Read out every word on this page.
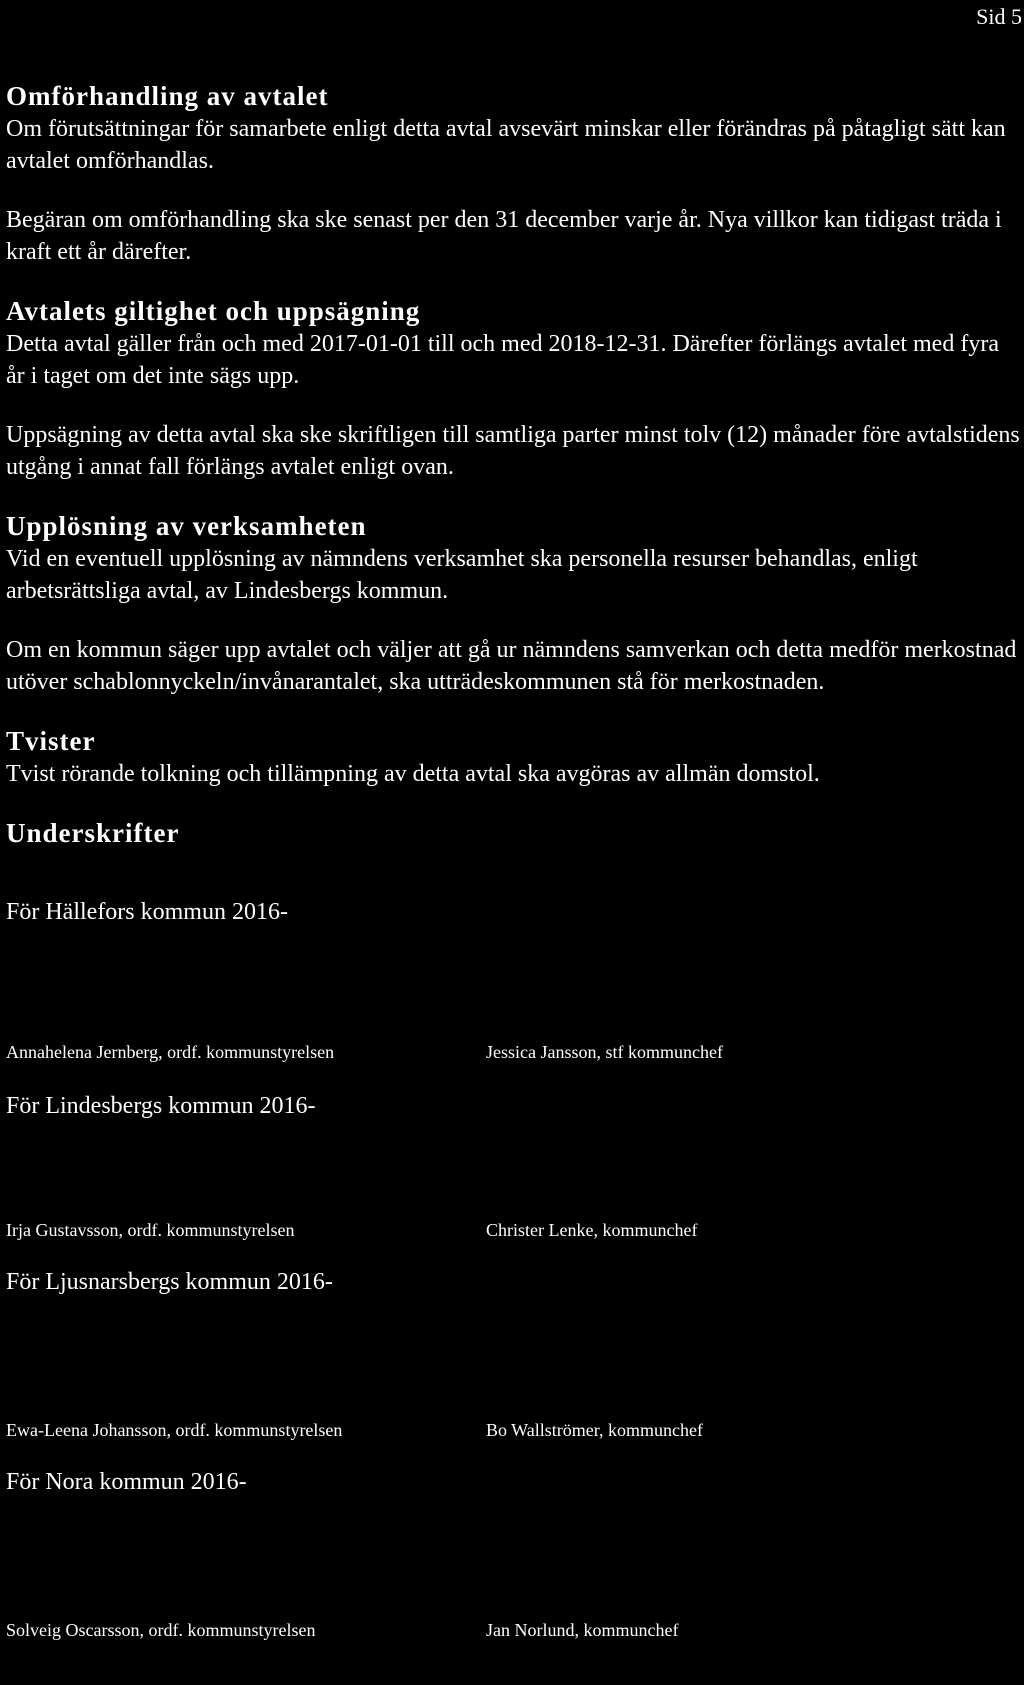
Sid 5
Omförhandling av avtalet

Om förutsättningar för samarbete enligt detta avtal avsevärt minskar eller förändras på påtagligt sätt kan avtalet omförhandlas.

Begäran om omförhandling ska ske senast per den 31 december varje år. Nya villkor kan tidigast träda i kraft ett år därefter.

Avtalets giltighet och uppsägning

Detta avtal gäller från och med 2017-01-01 till och med 2018-12-31. Därefter förlängs avtalet med fyra år i taget om det inte sägs upp.

Uppsägning av detta avtal ska ske skriftligen till samtliga parter minst tolv (12) månader före avtalstidens utgång i annat fall förlängs avtalet enligt ovan.

Upplösning av verksamheten

Vid en eventuell upplösning av nämndens verksamhet ska personella resurser behandlas, enligt arbetsrättsliga avtal, av Lindesbergs kommun.

Om en kommun säger upp avtalet och väljer att gå ur nämndens samverkan och detta medför merkostnad utöver schablonnyckeln/invånarantalet, ska utträdeskommunen stå för merkostnaden.

Tvister

Tvist rörande tolkning och tillämpning av detta avtal ska avgöras av allmän domstol.

Underskrifter
För Hällefors kommun 2016-
Annahelena Jernberg, ordf. kommunstyrelsen	Jessica Jansson, stf kommunchef
För Lindesbergs kommun 2016-
Irja Gustavsson, ordf. kommunstyrelsen	Christer Lenke, kommunchef
För Ljusnarsbergs kommun 2016-
Ewa-Leena Johansson, ordf. kommunstyrelsen	Bo Wallströmer, kommunchef
För Nora kommun 2016-
Solveig Oscarsson, ordf. kommunstyrelsen	Jan Norlund, kommunchef
